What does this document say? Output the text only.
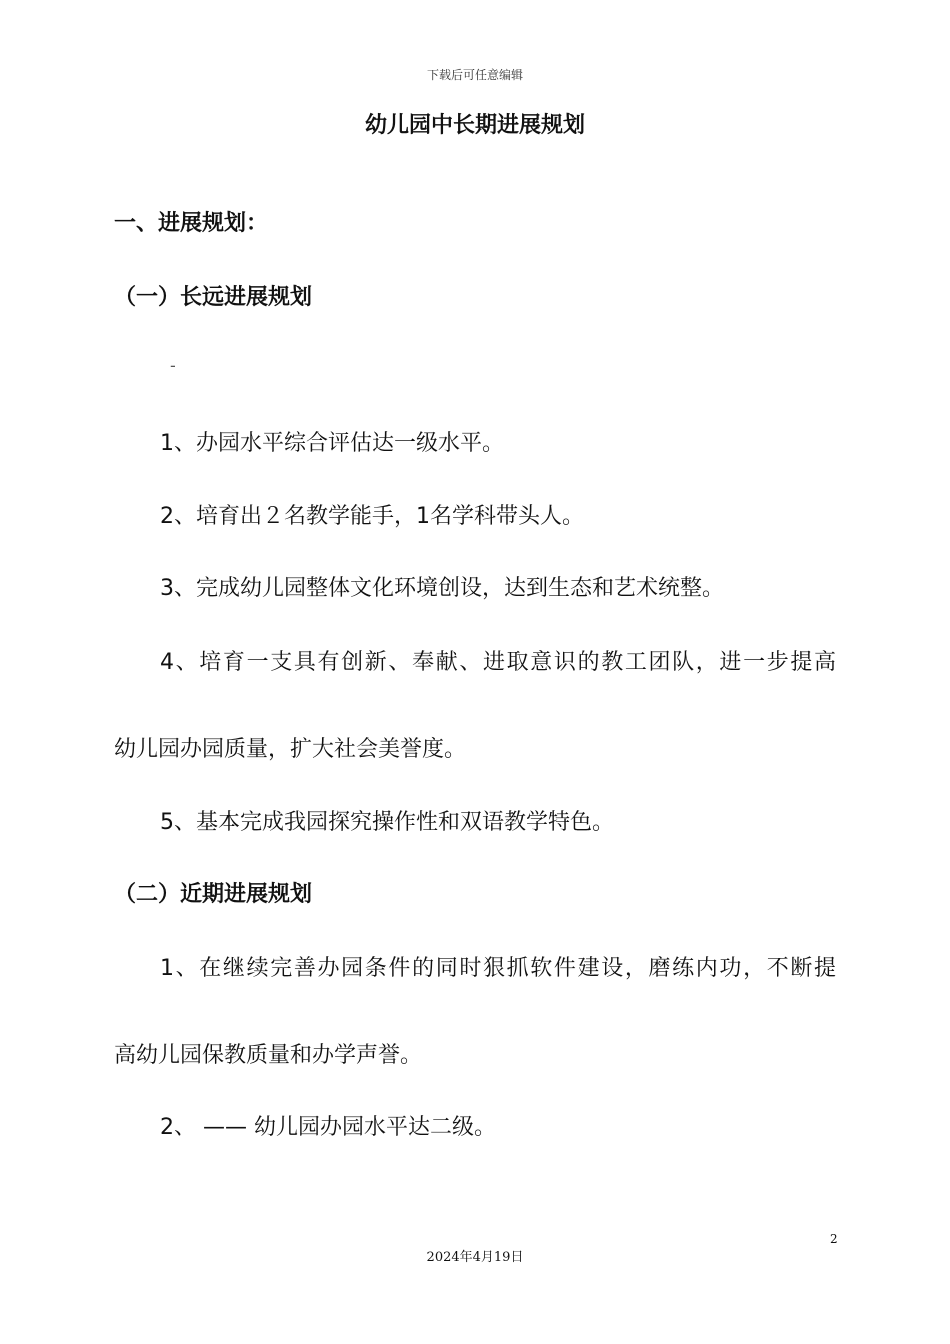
下载后可任意编辑
幼儿园中长期进展规划
一、进展规划：
（一）长远进展规划
-
1、办园水平综合评估达一级水平。
2、培育出２名教学能手，1名学科带头人。
3、完成幼儿园整体文化环境创设，达到生态和艺术统整。
4、培育一支具有创新、奉献、进取意识的教工团队，进一步提高
幼儿园办园质量，扩大社会美誉度。
5、基本完成我园探究操作性和双语教学特色。
（二）近期进展规划
1、在继续完善办园条件的同时狠抓软件建设，磨练内功，不断提
高幼儿园保教质量和办学声誉。
2、 —— 幼儿园办园水平达二级。
2
2024年4月19日
